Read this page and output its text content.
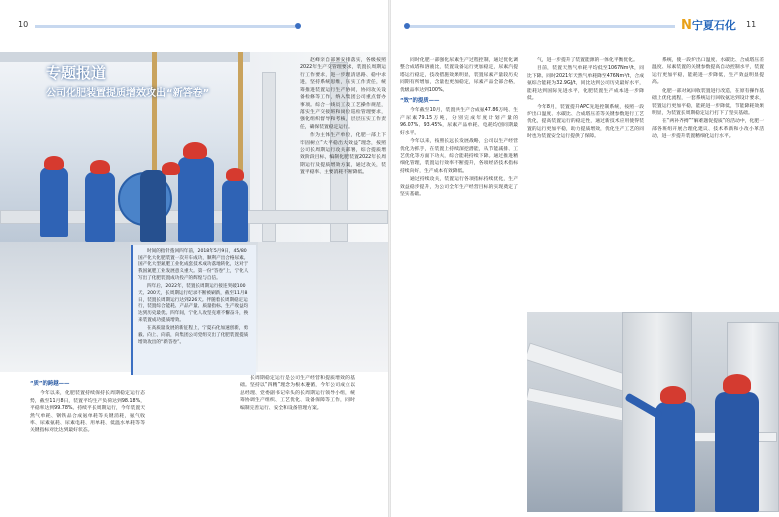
10	N宁夏石化 11
专题报道
公司化肥装置提质增效攻出“新答卷”

时间的指针拨回四年前，2018年5月9日，45/80国产化大化肥装置一次开车成功，顺利产出合格尿素。国产化大型氮肥工业化成套技术成功落地转化，这对于我国氮肥工业发展意义重大。第一份“答卷”上，宁化人写出了化肥装置成功投产的辉煌与自信。

四年后，2022年，装置长周期运行接连突破100天、200天，长周期运行纪录不断被刷新，截至11月8日，装置长周期运行达到226天。伴随着长周期稳定运行，装置综合能耗、产品产量、质量指标、生产收益均达到历史最优。四年间，宁化人攻坚克难不懈奋斗，换来装置成功提质增效。

在高质量发展的新征程上，宁夏石化加速创新，勇毅、向上、向前，向集团公司党组交出了化肥装置提质增效攻出的“新答卷”。

“质”的跨越——

今年以来，化肥装置持续保持长周期稳定运行态势，截至11月8日，装置平均生产负荷达到98.18%，平稳率达到99.78%。持续平长周期运行，今年装置天然气单耗、钢铁品合成氨单耗等关键消耗，氨气收率、尿素氨耗、尿素电耗、用单耗、低温水单耗等等关键指标对比达到最好状态。

长周期稳定运行是公司生产经营和提质增效的基础。坚持以“四精”理念为根本遵循，今年公司成立以总经理、党委副书记牵头的长周期运行领导小组，统筹协调生产组织、工艺优化、设备保障等工作，同时编制完善运行、安全和设备管理方案。

赵峰亲自部署安排落实，各级按照2022年生产交管理要求，装置长周期运行工作要求，进一步理清思路、稳中求进，坚持系统思维，压实工作责任，统筹推进装置运行生产协同，协同攻关设备检修等工作，纳入集团公司重点督办事项。综合一线员工及工艺操作规范，落实生产交接班和岗位巡检管理要求，强化组织督导和考核，层层压实工作责任，确保装置稳定运行。

作为主体生产单位，化肥一部上下牢固树立“大平稳出大效益”理念，按照公司长周期运行攻关部署，综合提质增效阶段目标，编制化肥装置2022年长周期运行及提质增效方案，通过攻关，装置平稳率、主要消耗不断降低。

同时化肥一部强化尿素生产过程控制，通过优化调整合成塔和溶液比，装置设备运行更加稳定，尿素汽提塔运行稳定，技改措施效果明显，装置尿素产量较历史同期有所增加，含量也更加稳定，尿素产品全部合格，优级品率达到100%。

“效”的提质——

今年截至10月，装置共生产合成氨47.86万吨、生产尿素79.15万吨，分别完成年度计划产量的96.07%、93.45%，尿素产品单耗、电耗均创同期最好水平。

今年以来，按照长远长发展战略，公司以生产经营优化为抓手，在装置上持续深挖潜能，从节能减排、工艺优化等方面下功夫，综合能耗持续下降。通过推进精细化管理，装置运行效率不断提升，各项经济技术指标持续向好，生产成本有效降低。

通过持续攻关，装置运行各项指标持续优化，生产效益稳步提升，为公司全年生产经营目标的实现奠定了坚实基础。

气，进一步提升了装置能源的一体化平衡优化。

目前，装置天然气单耗平均低至1067Nm³/t，同比下降。同时2021年天然气单耗降至476Nm³/t，合成氨综合能耗为32.9GJ/t，同比达到公司历史最好水平，能耗达到国际先进水平，化肥装置生产成本进一步降低。

今年8月，装置提升APC先进控制系统，按照一段炉出口温度、水碳比、合成塔压差等关键参数进行工艺优化，提高装置运行的稳定性，通过新技术应用使得装置的运行更加平稳，助力提质增效，优化生产工艺的同时也为装置安全运行提供了保障。

系统，使一段炉出口温度、水碳比、合成塔压差温度、尿素装置的关键参数提高自动控制水平，装置运行更加平稳，能耗进一步降低，生产效益明显提高。

化肥一部对氮回收装置进行改造，在原有操作基础上优化流程，一套系统运行回收氨达到设计要求，装置运行更加平稳，能耗进一步降低，节能降耗效果明显，为装置长周期稳定运行打下了坚实基础。

在“两补齐搏”“解难题促提质”的活动中，化肥一部各班组开展合理化建议、技术革新和小改小革活动，进一步提升装置精细化运行水平。
